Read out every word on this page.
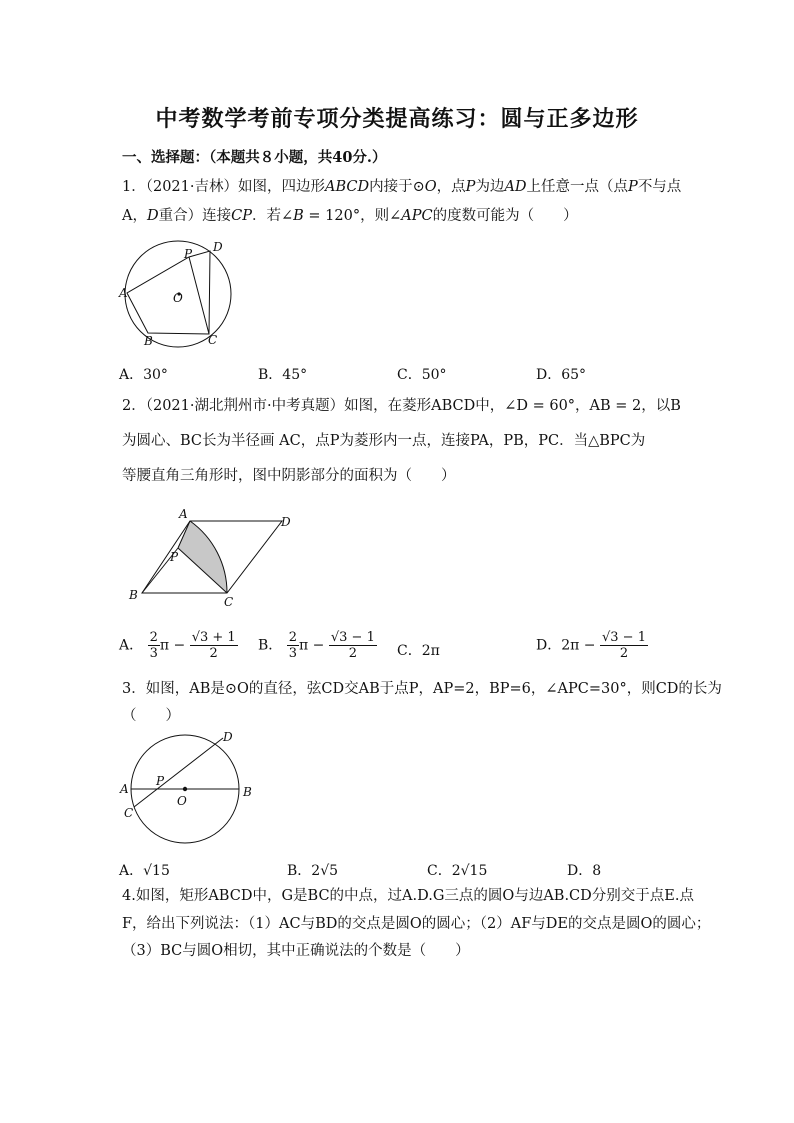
中考数学考前专项分类提高练习：圆与正多边形
一、选择题：（本题共８小题，共40分.）
1．（2021·吉林）如图，四边形ABCD内接于⊙O，点P为边AD上任意一点（点P不与点
A，D重合）连接CP．若∠B = 120°，则∠APC的度数可能为（　　）
A
B	C
D
P
O
A．30°	B．45°	C．50°	D．65°
2．（2021·湖北荆州市·中考真题）如图，在菱形ABCD中，∠D = 60°，AB = 2，以B
为圆心、BC长为半径画 AC，点P为菱形内一点，连接PA，PB，PC．当△BPC为
等腰直角三角形时，图中阴影部分的面积为（　　）
A
B	C
D
P
A． $\frac{2}{3}$ $\pi - \frac{√3 + 1}{2}$ B． $\frac{2}{3}$ $\pi - \frac{√3 - 1}{2}$ C．2π	D．$2\pi - \frac{√3 - 1}{2}$
3．如图，AB是⊙O的直径，弦CD交AB于点P，AP=2，BP=6，∠APC=30°，则CD的长为
（　　）
A	B
C
D
P
O
A．√15	B．2√5	C．2√15	D．8
4.如图，矩形ABCD中，G是BC的中点，过A.D.G三点的圆O与边AB.CD分别交于点E.点
F，给出下列说法：（1）AC与BD的交点是圆O的圆心；（2）AF与DE的交点是圆O的圆心；
（3）BC与圆O相切，其中正确说法的个数是（　　）
